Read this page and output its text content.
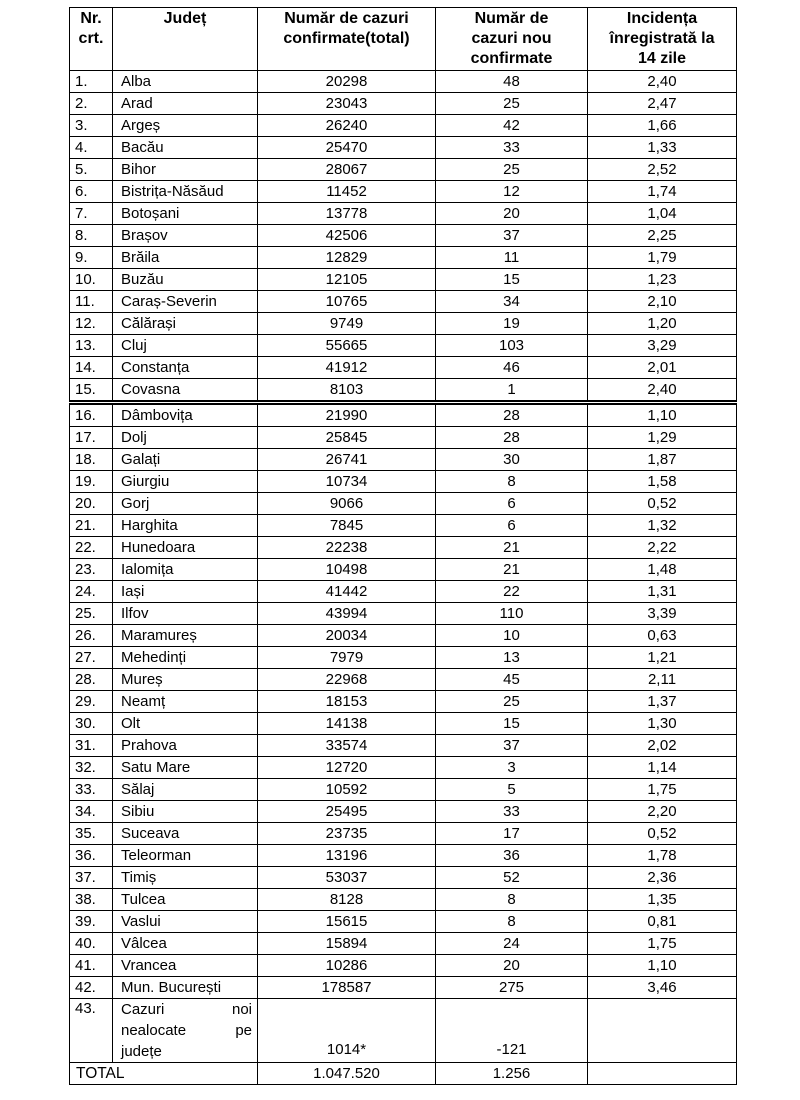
Nr.
crt.

Județ	Număr de cazuri
confirmate(total)

Număr de
cazuri nou
confirmate

Incidența
înregistrată la
14 zile

1.	Alba	20298	48	2,40
2.	Arad	23043	25	2,47
3.	Argeș	26240	42	1,66
4.	Bacău	25470	33	1,33
5.	Bihor	28067	25	2,52
6.	Bistrița-Năsăud	11452	12	1,74
7.	Botoșani	13778	20	1,04
8.	Brașov	42506	37	2,25
9.	Brăila	12829	11	1,79
10.	Buzău	12105	15	1,23
11.	Caraș-Severin	10765	34	2,10
12.	Călărași	9749	19	1,20
13.	Cluj	55665	103	3,29
14.	Constanța	41912	46	2,01
15.	Covasna	8103	1	2,40
16.	Dâmbovița	21990	28	1,10
17.	Dolj	25845	28	1,29
18.	Galați	26741	30	1,87
19.	Giurgiu	10734	8	1,58
20.	Gorj	9066	6	0,52
21.	Harghita	7845	6	1,32
22.	Hunedoara	22238	21	2,22
23.	Ialomița	10498	21	1,48
24.	Iași	41442	22	1,31
25.	Ilfov	43994	110	3,39
26.	Maramureș	20034	10	0,63
27.	Mehedinți	7979	13	1,21
28.	Mureș	22968	45	2,11
29.	Neamț	18153	25	1,37
30.	Olt	14138	15	1,30
31.	Prahova	33574	37	2,02
32.	Satu Mare	12720	3	1,14
33.	Sălaj	10592	5	1,75
34.	Sibiu	25495	33	2,20
35.	Suceava	23735	17	0,52
36.	Teleorman	13196	36	1,78
37.	Timiș	53037	52	2,36
38.	Tulcea	8128	8	1,35
39.	Vaslui	15615	8	0,81
40.	Vâlcea	15894	24	1,75
41.	Vrancea	10286	20	1,10
42.	Mun. București	178587	275	3,46
43.	Cazuri noi
nealocate pe
județe	1014*	-121	
TOTAL		1.047.520	1.256	
